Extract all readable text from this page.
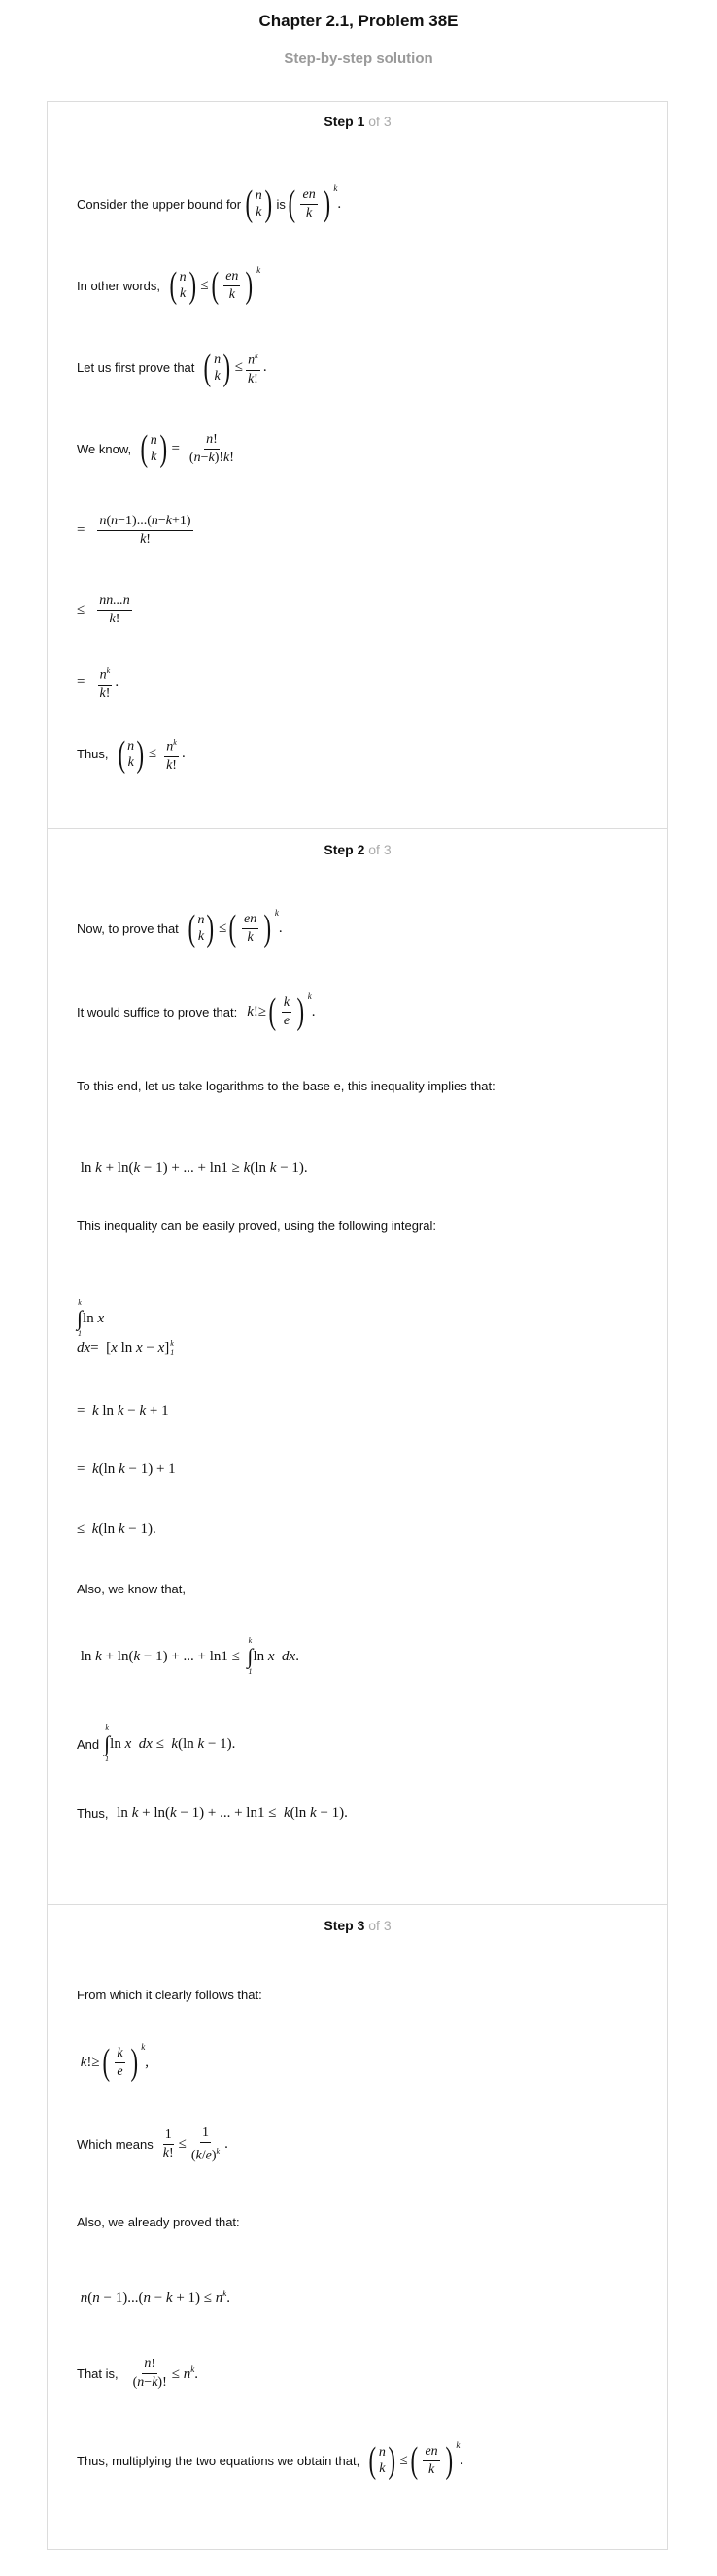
Chapter 2.1, Problem 38E
Step-by-step solution
Step 1 of 3
Consider the upper bound for ( n
k ) is ( $\frac{en}{k}$ ) $^k$
.
In other words, ( n
k ) ≤ ( $\frac{en}{k}$ ) $^k$
Let us first prove that ( n
k ) ≤ $\frac{n^k}{k!}$ .
We know, ( n
k ) = $\frac{n!}{(n-k)!k!}$
= $\frac{n(n-1)...(n-k+1)}{k!}$
≤ $\frac{nn...n}{k!}$
= $\frac{n^k}{k!}$ .
Thus, ( n
k ) ≤ $\frac{n^k}{k!}$ .
Step 2 of 3
Now, to prove that ( n
k ) ≤ ( $\frac{en}{k}$ ) $^k$
.
It would suffice to prove that: k !≥ ( $\frac{k}{e}$ ) $^k$
.
To this end, let us take logarithms to the base e, this inequality implies that:
ln k + ln(k − 1) + ... + ln1 ≥ k(ln k − 1).
This inequality can be easily proved, using the following integral:
k
∫
1
ln x
dx =  [x ln x − x] k
1
=  k ln k − k + 1
=  k(ln k − 1) + 1
≤  k(ln k − 1).
Also, we know that,
ln k + ln(k − 1) + ... + ln1 ≤
k
∫
1
ln x dx.
And
k
∫
1
ln x dx ≤  k(ln k − 1).
Thus, ln k + ln(k − 1) + ... + ln1 ≤  k(ln k − 1).
Step 3 of 3
From which it clearly follows that:
k !≥ ( $\frac{k}{e}$ ) $^k$
,
Which means $\frac{1}{k!} \le \frac{1}{(k/e)^k}$ .
Also, we already proved that:
$n(n - 1)...(n - k + 1) \le n^k$.
That is, $\frac{n!}{(n-k)!} \le n^k$.
Thus, multiplying the two equations we obtain that, ( n
k ) ≤ ( $\frac{en}{k}$ ) $^k$
.
